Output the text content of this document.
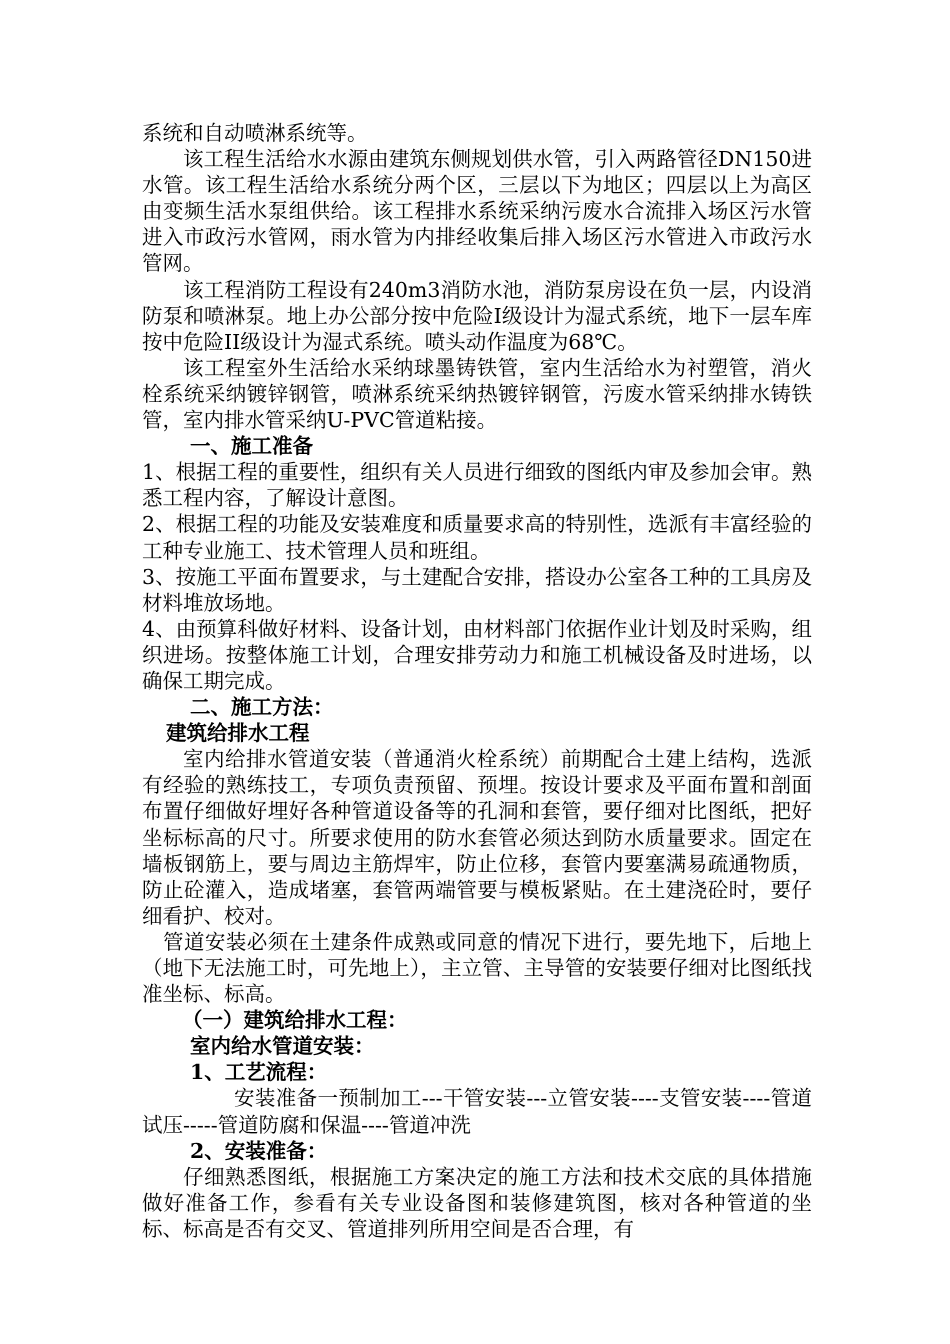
系统和自动喷淋系统等。

该工程生活给水水源由建筑东侧规划供水管，引入两路管径DN150进水管。该工程生活给水系统分两个区，三层以下为地区；四层以上为高区由变频生活水泵组供给。该工程排水系统采纳污废水合流排入场区污水管进入市政污水管网，雨水管为内排经收集后排入场区污水管进入市政污水管网。

该工程消防工程设有240m3消防水池，消防泵房设在负一层，内设消防泵和喷淋泵。地上办公部分按中危险I级设计为湿式系统，地下一层车库按中危险II级设计为湿式系统。喷头动作温度为68℃。

该工程室外生活给水采纳球墨铸铁管，室内生活给水为衬塑管，消火栓系统采纳镀锌钢管，喷淋系统采纳热镀锌钢管，污废水管采纳排水铸铁管，室内排水管采纳U-PVC管道粘接。

一、施工准备

1、根据工程的重要性，组织有关人员进行细致的图纸内审及参加会审。熟悉工程内容，了解设计意图。

2、根据工程的功能及安装难度和质量要求高的特别性，选派有丰富经验的工种专业施工、技术管理人员和班组。

3、按施工平面布置要求，与土建配合安排，搭设办公室各工种的工具房及材料堆放场地。

4、由预算科做好材料、设备计划，由材料部门依据作业计划及时采购，组织进场。按整体施工计划，合理安排劳动力和施工机械设备及时进场，以确保工期完成。

二、施工方法：

建筑给排水工程

室内给排水管道安装（普通消火栓系统）前期配合土建上结构，选派有经验的熟练技工，专项负责预留、预埋。按设计要求及平面布置和剖面布置仔细做好埋好各种管道设备等的孔洞和套管，要仔细对比图纸，把好坐标标高的尺寸。所要求使用的防水套管必须达到防水质量要求。固定在墙板钢筋上，要与周边主筋焊牢，防止位移，套管内要塞满易疏通物质，防止砼灌入，造成堵塞，套管两端管要与模板紧贴。在土建浇砼时，要仔细看护、校对。

管道安装必须在土建条件成熟或同意的情况下进行，要先地下，后地上（地下无法施工时，可先地上），主立管、主导管的安装要仔细对比图纸找准坐标、标高。

（一）建筑给排水工程：

室内给水管道安装：

1、工艺流程：

安装准备一预制加工---干管安装---立管安装----支管安装----管道试压-----管道防腐和保温----管道冲洗

2、安装准备：

仔细熟悉图纸，根据施工方案决定的施工方法和技术交底的具体措施做好准备工作，参看有关专业设备图和装修建筑图，核对各种管道的坐标、标高是否有交叉、管道排列所用空间是否合理，有
